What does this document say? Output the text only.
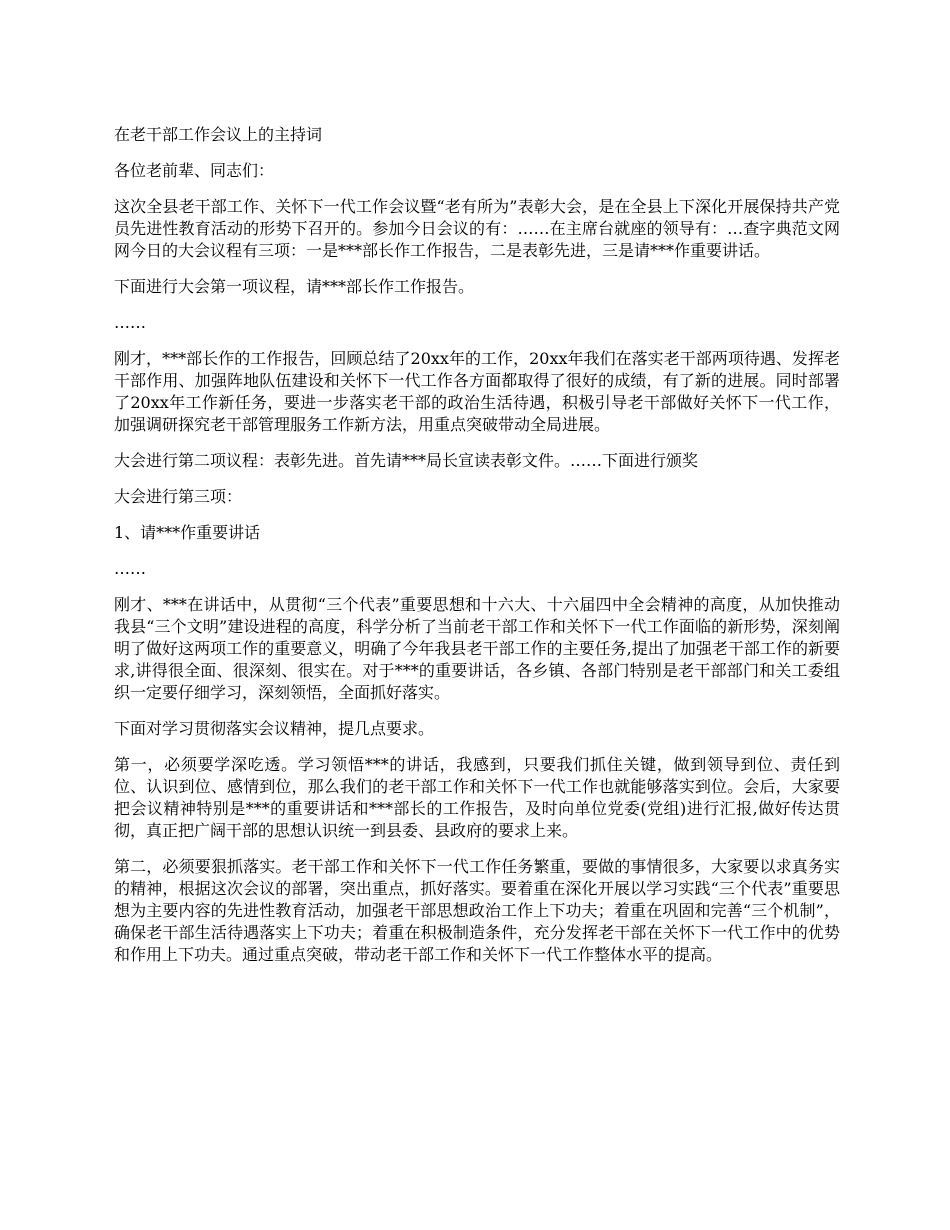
在老干部工作会议上的主持词

各位老前辈、同志们：

这次全县老干部工作、关怀下一代工作会议暨“老有所为”表彰大会，是在全县上下深化开展保持共产党员先进性教育活动的形势下召开的。参加今日会议的有：……在主席台就座的领导有：…查字典范文网网今日的大会议程有三项：一是***部长作工作报告，二是表彰先进，三是请***作重要讲话。

下面进行大会第一项议程，请***部长作工作报告。

……

刚才，***部长作的工作报告，回顾总结了20xx年的工作，20xx年我们在落实老干部两项待遇、发挥老干部作用、加强阵地队伍建设和关怀下一代工作各方面都取得了很好的成绩，有了新的进展。同时部署了20xx年工作新任务，要进一步落实老干部的政治生活待遇，积极引导老干部做好关怀下一代工作，加强调研探究老干部管理服务工作新方法，用重点突破带动全局进展。

大会进行第二项议程：表彰先进。首先请***局长宣读表彰文件。……下面进行颁奖

大会进行第三项：

1、请***作重要讲话

……

刚才、***在讲话中，从贯彻“三个代表”重要思想和十六大、十六届四中全会精神的高度，从加快推动我县“三个文明”建设进程的高度，科学分析了当前老干部工作和关怀下一代工作面临的新形势，深刻阐明了做好这两项工作的重要意义，明确了今年我县老干部工作的主要任务,提出了加强老干部工作的新要求,讲得很全面、很深刻、很实在。对于***的重要讲话，各乡镇、各部门特别是老干部部门和关工委组织一定要仔细学习，深刻领悟，全面抓好落实。

下面对学习贯彻落实会议精神，提几点要求。

第一，必须要学深吃透。学习领悟***的讲话，我感到，只要我们抓住关键，做到领导到位、责任到位、认识到位、感情到位，那么我们的老干部工作和关怀下一代工作也就能够落实到位。会后，大家要把会议精神特别是***的重要讲话和***部长的工作报告，及时向单位党委(党组)进行汇报,做好传达贯彻，真正把广阔干部的思想认识统一到县委、县政府的要求上来。

第二，必须要狠抓落实。老干部工作和关怀下一代工作任务繁重，要做的事情很多，大家要以求真务实的精神，根据这次会议的部署，突出重点，抓好落实。要着重在深化开展以学习实践“三个代表”重要思想为主要内容的先进性教育活动，加强老干部思想政治工作上下功夫；着重在巩固和完善“三个机制”，确保老干部生活待遇落实上下功夫；着重在积极制造条件，充分发挥老干部在关怀下一代工作中的优势和作用上下功夫。通过重点突破，带动老干部工作和关怀下一代工作整体水平的提高。
